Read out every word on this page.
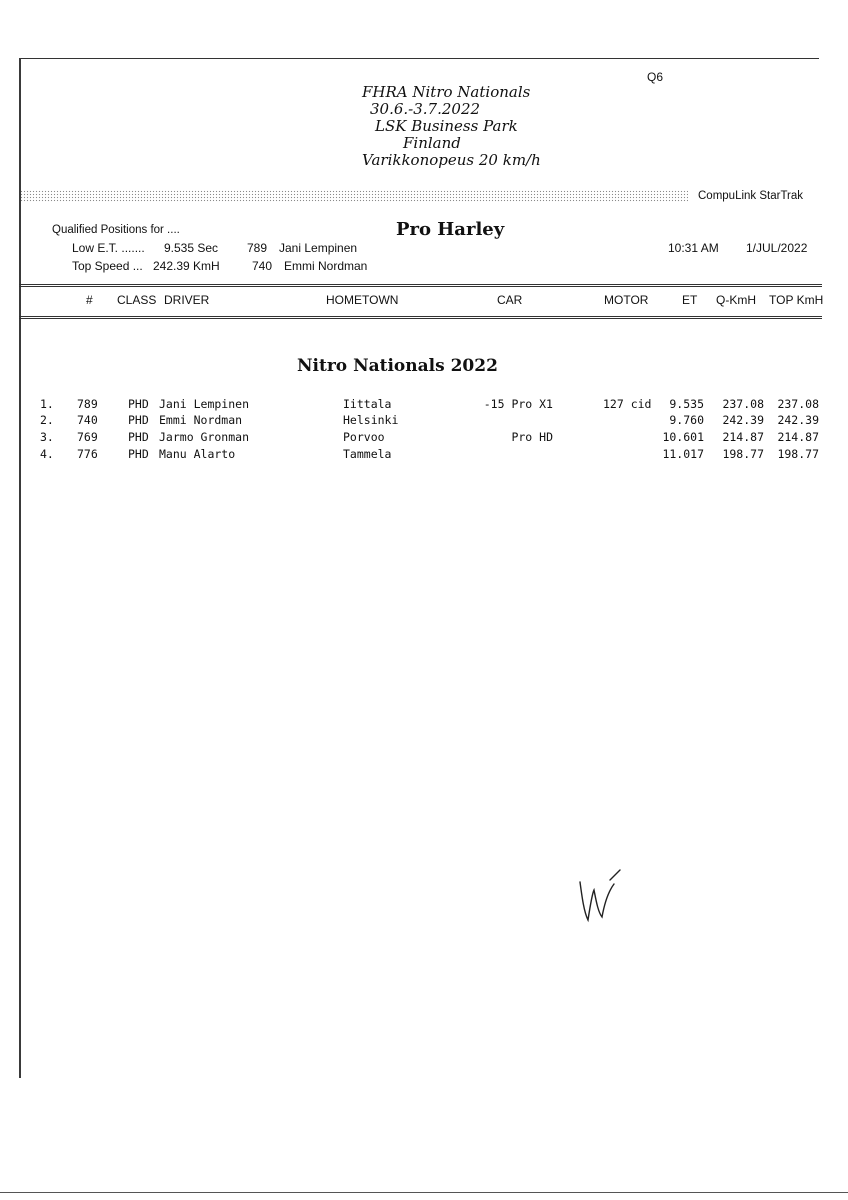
Q6
FHRA Nitro Nationals
30.6.-3.7.2022
LSK Business Park
Finland
Varikkonopeus 20 km/h
CompuLink StarTrak
Qualified Positions for ....	Pro Harley
Low E.T. ....... 9.535 Sec 789 Jani Lempinen
Top Speed ... 242.39 KmH	740 Emmi Nordman
10:31 AM 1/JUL/2022
# CLASS DRIVER	HOMETOWN	CAR	MOTOR	ET Q-KmH TOP KmH
Nitro Nationals 2022
1. 789	PHD Jani Lempinen	Iittala	-15 Pro X1	127 cid	9.535	237.08	237.08
2. 740	PHD Emmi Nordman	Helsinki	9.760	242.39	242.39
3. 769	PHD Jarmo Gronman	Porvoo	Pro HD	10.601	214.87	214.87
4. 776	PHD Manu Alarto	Tammela	11.017	198.77	198.77
